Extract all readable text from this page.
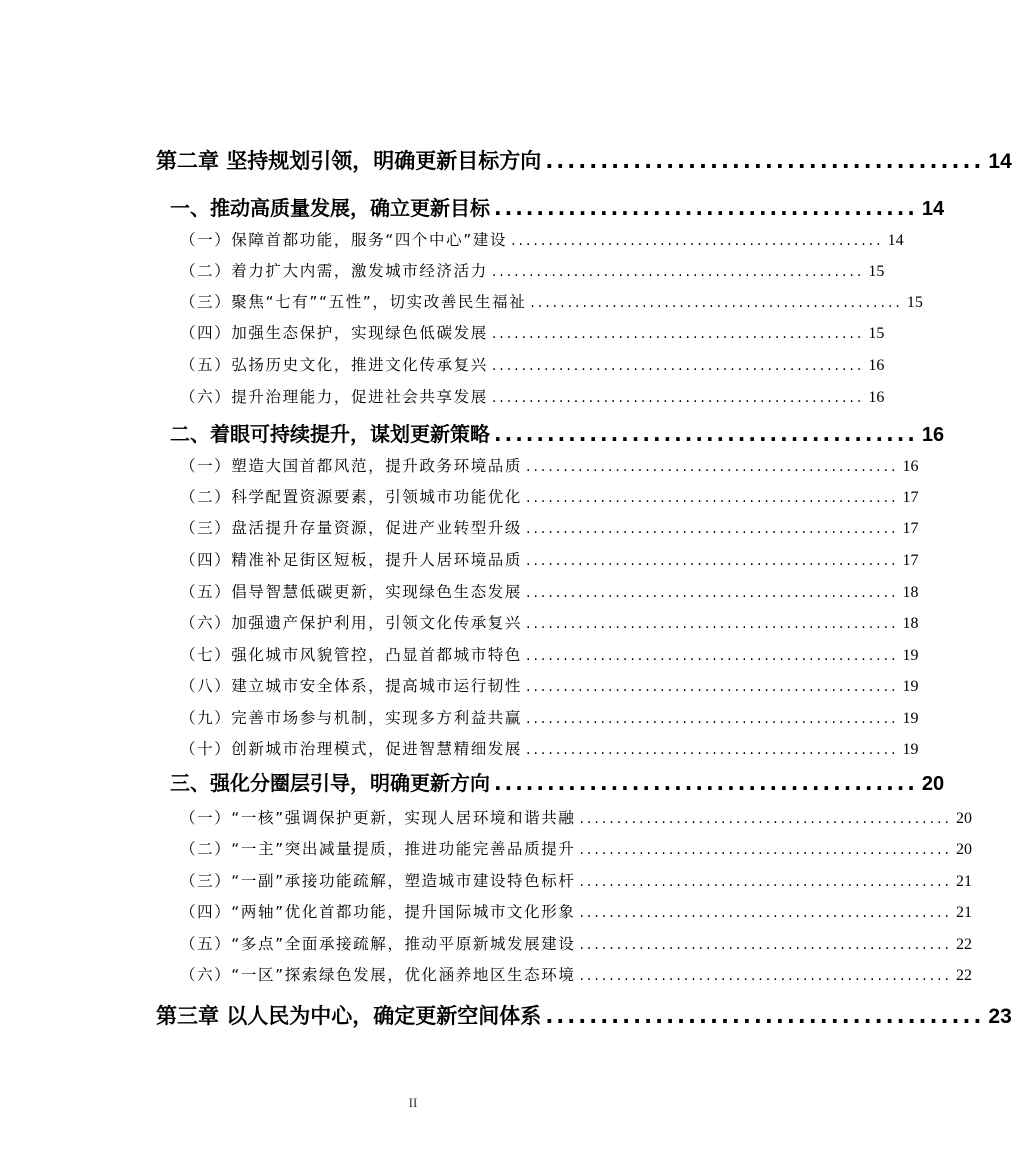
第二章 坚持规划引领，明确更新目标方向 ........................................ 14
一、推动高质量发展，确立更新目标 ........................................ 14
（一）保障首都功能，服务“四个中心”建设 .................................................. 14
（二）着力扩大内需，激发城市经济活力 .................................................. 15
（三）聚焦“七有”“五性”，切实改善民生福祉 .................................................. 15
（四）加强生态保护，实现绿色低碳发展 .................................................. 15
（五）弘扬历史文化，推进文化传承复兴 .................................................. 16
（六）提升治理能力，促进社会共享发展 .................................................. 16
二、着眼可持续提升，谋划更新策略 ........................................ 16
（一）塑造大国首都风范，提升政务环境品质 .................................................. 16
（二）科学配置资源要素，引领城市功能优化 .................................................. 17
（三）盘活提升存量资源，促进产业转型升级 .................................................. 17
（四）精准补足街区短板，提升人居环境品质 .................................................. 17
（五）倡导智慧低碳更新，实现绿色生态发展 .................................................. 18
（六）加强遗产保护利用，引领文化传承复兴 .................................................. 18
（七）强化城市风貌管控，凸显首都城市特色 .................................................. 19
（八）建立城市安全体系，提高城市运行韧性 .................................................. 19
（九）完善市场参与机制，实现多方利益共赢 .................................................. 19
（十）创新城市治理模式，促进智慧精细发展 .................................................. 19
三、强化分圈层引导，明确更新方向 ........................................ 20
（一）“一核”强调保护更新，实现人居环境和谐共融 .................................................. 20
（二）“一主”突出减量提质，推进功能完善品质提升 .................................................. 20
（三）“一副”承接功能疏解，塑造城市建设特色标杆 .................................................. 21
（四）“两轴”优化首都功能，提升国际城市文化形象 .................................................. 21
（五）“多点”全面承接疏解，推动平原新城发展建设 .................................................. 22
（六）“一区”探索绿色发展，优化涵养地区生态环境 .................................................. 22
第三章 以人民为中心，确定更新空间体系 ........................................ 23
II
